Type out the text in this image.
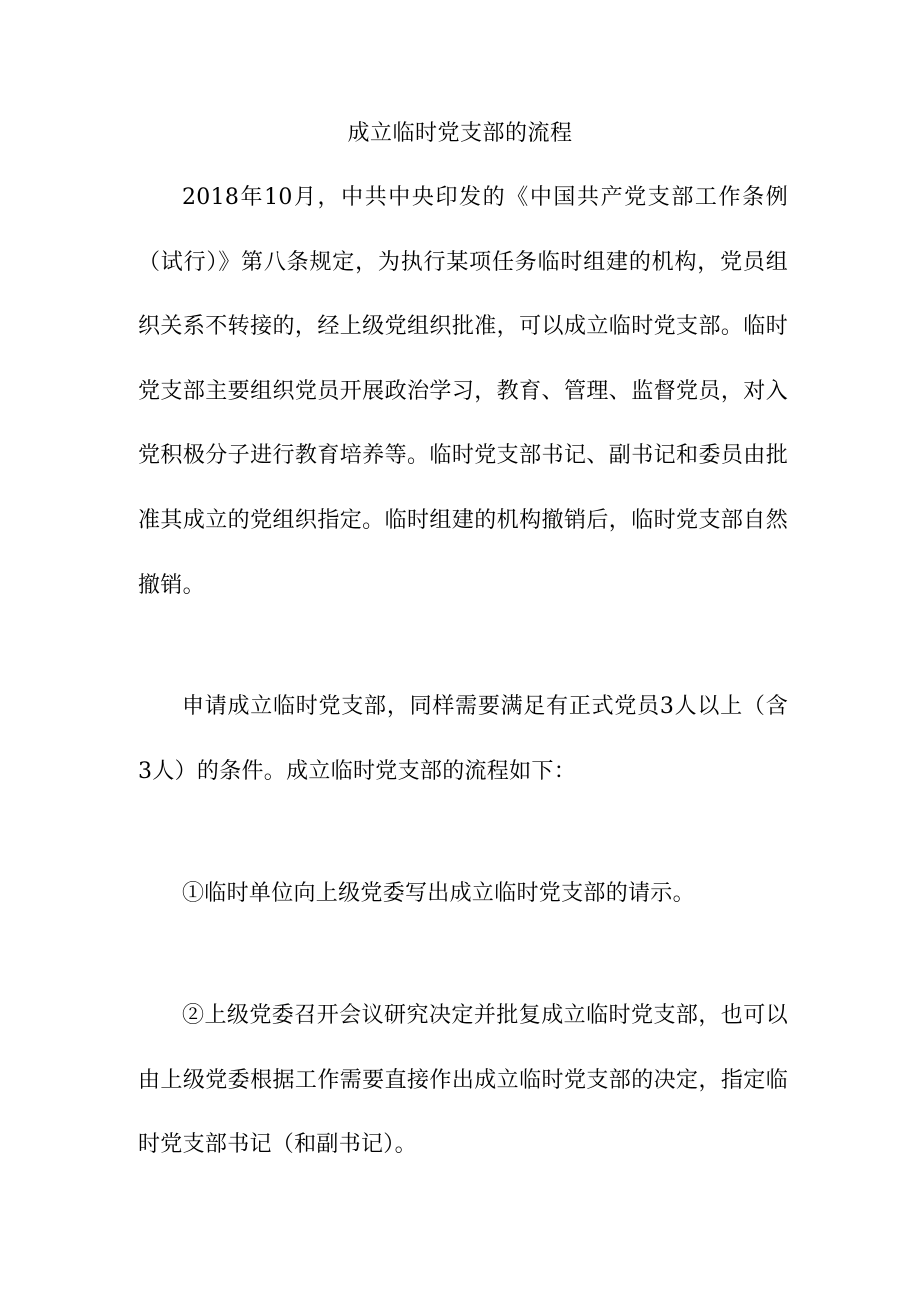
成立临时党支部的流程

2018年10月，中共中央印发的《中国共产党支部工作条例（试行）》第八条规定，为执行某项任务临时组建的机构，党员组织关系不转接的，经上级党组织批准，可以成立临时党支部。临时党支部主要组织党员开展政治学习，教育、管理、监督党员，对入党积极分子进行教育培养等。临时党支部书记、副书记和委员由批准其成立的党组织指定。临时组建的机构撤销后，临时党支部自然撤销。

申请成立临时党支部，同样需要满足有正式党员3人以上（含3人）的条件。成立临时党支部的流程如下：

①临时单位向上级党委写出成立临时党支部的请示。

②上级党委召开会议研究决定并批复成立临时党支部，也可以由上级党委根据工作需要直接作出成立临时党支部的决定，指定临时党支部书记（和副书记）。
